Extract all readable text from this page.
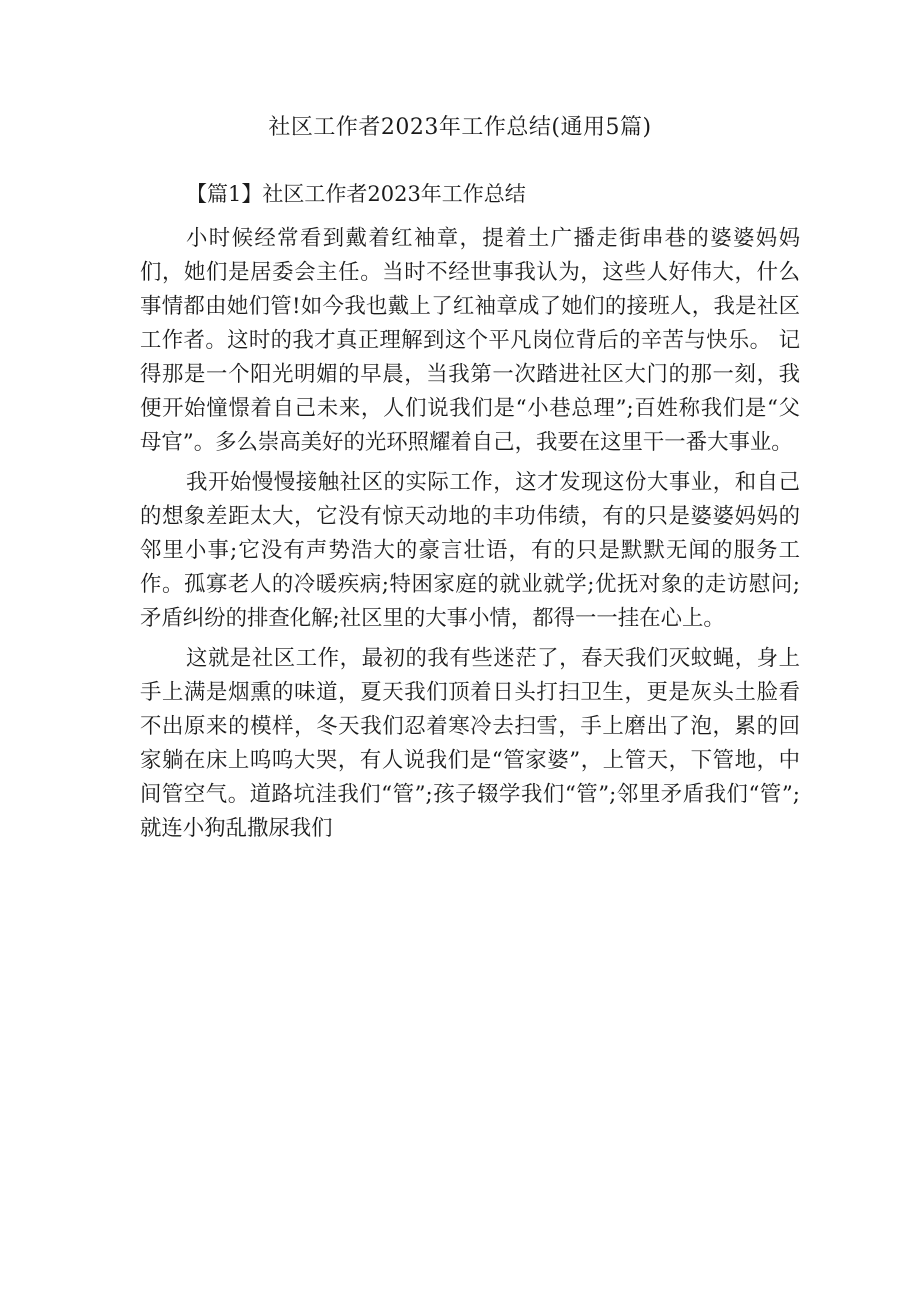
社区工作者2023年工作总结(通用5篇)
【篇1】社区工作者2023年工作总结

小时候经常看到戴着红袖章，提着土广播走街串巷的婆婆妈妈们，她们是居委会主任。当时不经世事我认为，这些人好伟大，什么事情都由她们管!如今我也戴上了红袖章成了她们的接班人，我是社区工作者。这时的我才真正理解到这个平凡岗位背后的辛苦与快乐。 记得那是一个阳光明媚的早晨，当我第一次踏进社区大门的那一刻，我便开始憧憬着自己未来，人们说我们是“小巷总理”;百姓称我们是“父母官”。多么崇高美好的光环照耀着自己，我要在这里干一番大事业。

我开始慢慢接触社区的实际工作，这才发现这份大事业，和自己的想象差距太大，它没有惊天动地的丰功伟绩，有的只是婆婆妈妈的邻里小事;它没有声势浩大的豪言壮语，有的只是默默无闻的服务工作。孤寡老人的冷暖疾病;特困家庭的就业就学;优抚对象的走访慰问;矛盾纠纷的排查化解;社区里的大事小情，都得一一挂在心上。

这就是社区工作，最初的我有些迷茫了，春天我们灭蚊蝇，身上手上满是烟熏的味道，夏天我们顶着日头打扫卫生，更是灰头土脸看不出原来的模样，冬天我们忍着寒冷去扫雪，手上磨出了泡，累的回家躺在床上呜呜大哭，有人说我们是“管家婆”，上管天，下管地，中间管空气。道路坑洼我们“管”;孩子辍学我们“管”;邻里矛盾我们“管”;就连小狗乱撒尿我们
